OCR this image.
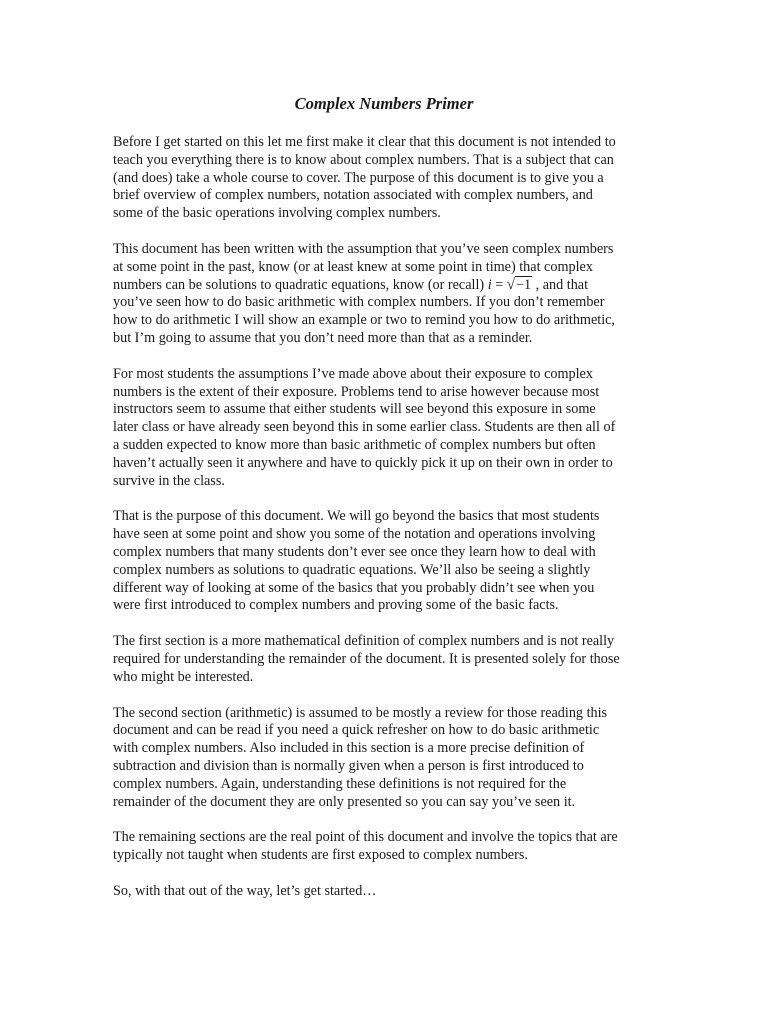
Complex Numbers Primer

Before I get started on this let me first make it clear that this document is not intended to
teach you everything there is to know about complex numbers. That is a subject that can
(and does) take a whole course to cover. The purpose of this document is to give you a
brief overview of complex numbers, notation associated with complex numbers, and
some of the basic operations involving complex numbers.

This document has been written with the assumption that you’ve seen complex numbers
at some point in the past, know (or at least knew at some point in time) that complex
numbers can be solutions to quadratic equations, know (or recall) i = √−1 , and that
you’ve seen how to do basic arithmetic with complex numbers. If you don’t remember
how to do arithmetic I will show an example or two to remind you how to do arithmetic,
but I’m going to assume that you don’t need more than that as a reminder.

For most students the assumptions I’ve made above about their exposure to complex
numbers is the extent of their exposure. Problems tend to arise however because most
instructors seem to assume that either students will see beyond this exposure in some
later class or have already seen beyond this in some earlier class. Students are then all of
a sudden expected to know more than basic arithmetic of complex numbers but often
haven’t actually seen it anywhere and have to quickly pick it up on their own in order to
survive in the class.

That is the purpose of this document. We will go beyond the basics that most students
have seen at some point and show you some of the notation and operations involving
complex numbers that many students don’t ever see once they learn how to deal with
complex numbers as solutions to quadratic equations. We’ll also be seeing a slightly
different way of looking at some of the basics that you probably didn’t see when you
were first introduced to complex numbers and proving some of the basic facts.

The first section is a more mathematical definition of complex numbers and is not really
required for understanding the remainder of the document. It is presented solely for those
who might be interested.

The second section (arithmetic) is assumed to be mostly a review for those reading this
document and can be read if you need a quick refresher on how to do basic arithmetic
with complex numbers. Also included in this section is a more precise definition of
subtraction and division than is normally given when a person is first introduced to
complex numbers. Again, understanding these definitions is not required for the
remainder of the document they are only presented so you can say you’ve seen it.

The remaining sections are the real point of this document and involve the topics that are
typically not taught when students are first exposed to complex numbers.

So, with that out of the way, let’s get started…
